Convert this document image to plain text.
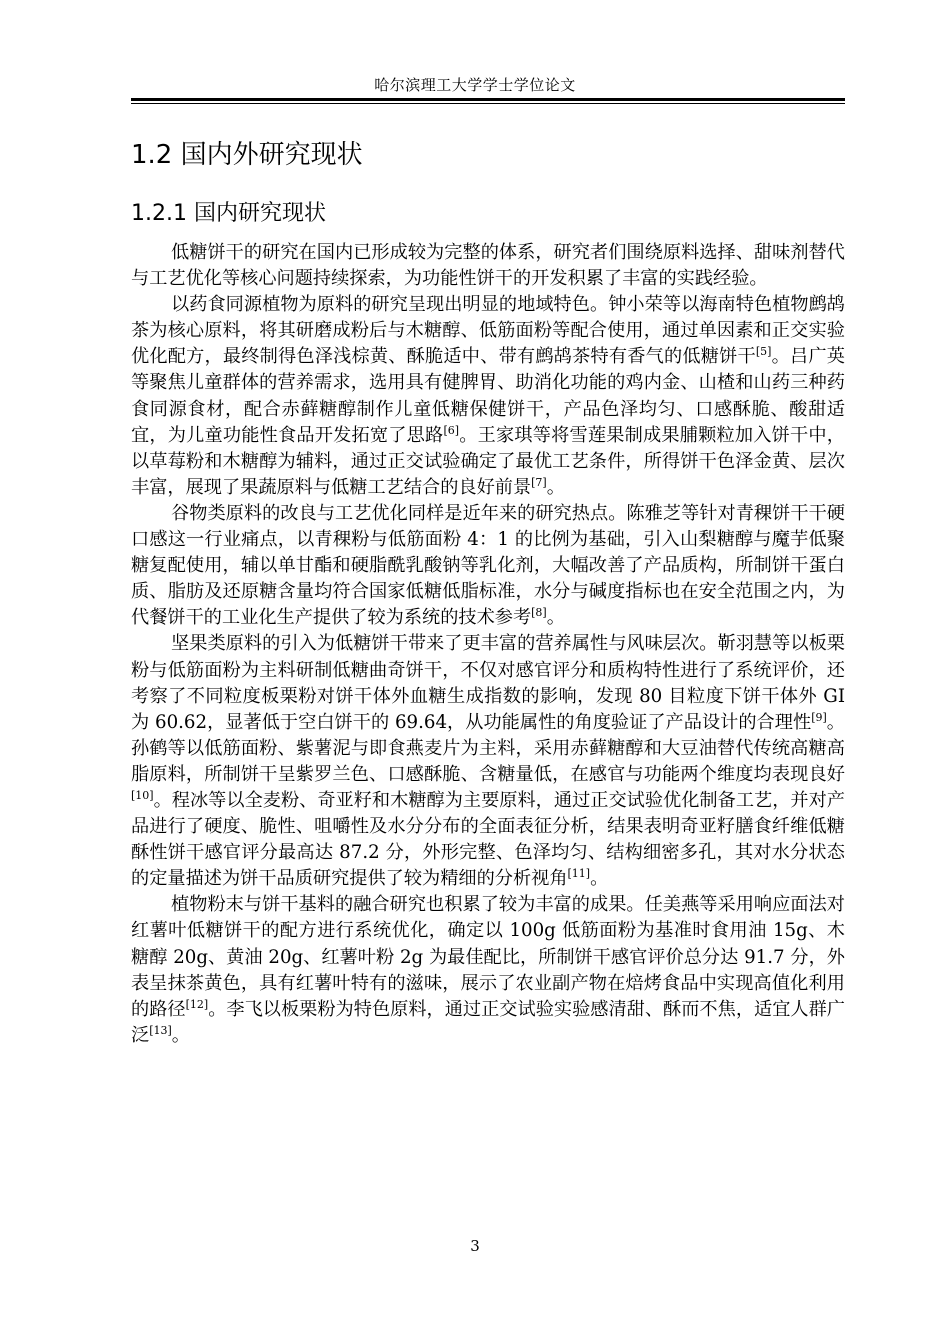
哈尔滨理工大学学士学位论文
1.2 国内外研究现状
1.2.1 国内研究现状

低糖饼干的研究在国内已形成较为完整的体系，研究者们围绕原料选择、甜味剂替代与工艺优化等核心问题持续探索，为功能性饼干的开发积累了丰富的实践经验。

以药食同源植物为原料的研究呈现出明显的地域特色。钟小荣等以海南特色植物鹧鸪茶为核心原料，将其研磨成粉后与木糖醇、低筋面粉等配合使用，通过单因素和正交实验优化配方，最终制得色泽浅棕黄、酥脆适中、带有鹧鸪茶特有香气的低糖饼干[5]。吕广英等聚焦儿童群体的营养需求，选用具有健脾胃、助消化功能的鸡内金、山楂和山药三种药食同源食材，配合赤藓糖醇制作儿童低糖保健饼干，产品色泽均匀、口感酥脆、酸甜适宜，为儿童功能性食品开发拓宽了思路[6]。王家琪等将雪莲果制成果脯颗粒加入饼干中，以草莓粉和木糖醇为辅料，通过正交试验确定了最优工艺条件，所得饼干色泽金黄、层次丰富，展现了果蔬原料与低糖工艺结合的良好前景[7]。

谷物类原料的改良与工艺优化同样是近年来的研究热点。陈雅芝等针对青稞饼干干硬口感这一行业痛点，以青稞粉与低筋面粉 4：1 的比例为基础，引入山梨糖醇与魔芋低聚糖复配使用，辅以单甘酯和硬脂酰乳酸钠等乳化剂，大幅改善了产品质构，所制饼干蛋白质、脂肪及还原糖含量均符合国家低糖低脂标准，水分与碱度指标也在安全范围之内，为代餐饼干的工业化生产提供了较为系统的技术参考[8]。

坚果类原料的引入为低糖饼干带来了更丰富的营养属性与风味层次。靳羽慧等以板栗粉与低筋面粉为主料研制低糖曲奇饼干，不仅对感官评分和质构特性进行了系统评价，还考察了不同粒度板栗粉对饼干体外血糖生成指数的影响，发现 80 目粒度下饼干体外 GI 为 60.62，显著低于空白饼干的 69.64，从功能属性的角度验证了产品设计的合理性[9]。孙鹤等以低筋面粉、紫薯泥与即食燕麦片为主料，采用赤藓糖醇和大豆油替代传统高糖高脂原料，所制饼干呈紫罗兰色、口感酥脆、含糖量低，在感官与功能两个维度均表现良好[10]。程冰等以全麦粉、奇亚籽和木糖醇为主要原料，通过正交试验优化制备工艺，并对产品进行了硬度、脆性、咀嚼性及水分分布的全面表征分析，结果表明奇亚籽膳食纤维低糖酥性饼干感官评分最高达 87.2 分，外形完整、色泽均匀、结构细密多孔，其对水分状态的定量描述为饼干品质研究提供了较为精细的分析视角[11]。

植物粉末与饼干基料的融合研究也积累了较为丰富的成果。任美燕等采用响应面法对红薯叶低糖饼干的配方进行系统优化，确定以 100g 低筋面粉为基准时食用油 15g、木糖醇 20g、黄油 20g、红薯叶粉 2g 为最佳配比，所制饼干感官评价总分达 91.7 分，外表呈抹茶黄色，具有红薯叶特有的滋味，展示了农业副产物在焙烤食品中实现高值化利用的路径[12]。李飞以板栗粉为特色原料，通过正交试验实验感清甜、酥而不焦，适宜人群广泛[13]。

3
